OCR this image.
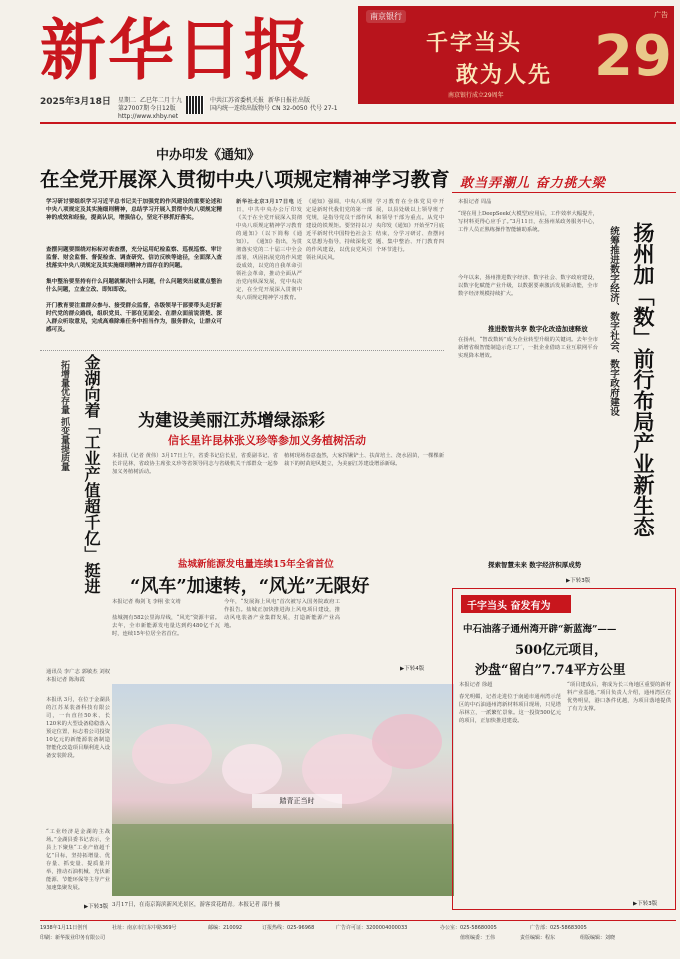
新华日报
2025年3月18日 星期二 乙巳年二月十九
第27007期 今日12版
http://www.xhby.net
中共江苏省委机关报 新华日报社出版
国内统一连续出版物号 CN 32-0050 代号 27-1
南京银行	广告
千字当头
敢为人先
南京银行成立29周年
29
中办印发《通知》
在全党开展深入贯彻中央八项规定精神学习教育
学习研讨要组织学习习近平总书记关于加强党的作风建设的重要论述和中央八项规定及其实施细则精神，总结学习开展入贯彻中央八项规定精神的成效和经验，提高认识，增强信心，坚定不移抓好落实。
查摆问题要围绕对标标对表查摆，充分运用纪检监察、巡视巡察、审计监督、财会监督、督促检查、调查研究、信访反映等途径，全面深入查找落实中央八项规定及其实施细则精神方面存在的问题。
集中整治要坚持有什么问题就解决什么问题，什么问题突出就重点整治什么问题，立查立改、即知即改。
开门教育要注重群众参与、接受群众监督，各级领导干部要带头走好新时代党的群众路线，组织党员、干部在见面会、在群众面前说清楚、深入群众听取意见，完成高难除难任务中担当作为，服务群众，让群众可感可及。
新华社北京3月17日电 近日，中共中央办公厅印发《关于在全党开展深入贯彻中央八项规定精神学习教育的通知》（以下简称《通知》）。 《通知》指出，为贯彻落实党的二十届三中全会部署，巩固拓展党的作风建设成效，以党的自我革命引领社会革命，推动全面从严治党向纵深发展，党中央决定，在全党开展深入贯彻中央八项规定精神学习教育。
《通知》强调，中央八项规定是新时代我们党的第一部党规，是指导党员干部作风建设的铁规矩。要坚持以习近平新时代中国特色社会主义思想为指导，持续深化党的作风建设，以优良党风引领社风民风。
学习教育在全体党员中开展，以县处级以上领导班子和领导干部为重点。从党中央印发《通知》开始至7月底结束，分学习研讨、查摆问题、集中整治、开门教育四个环节进行。
金湖向着「工业产值超千亿」挺进
拓增量优存量 抓变量提质量
通讯员 李广志 郭敏杰 刘权 本报记者 陈海霞
本报讯 3月，在位于金湖县的江苏某装备科技有限公司，一台直径50米、长120米的大型设备稳稳落入预定位置，标志着公司投资10亿元的新能源装备制造智能化改造项目顺利进入设备安装阶段。
“工业经济是金湖的主战场。”金湖县委书记表示，全县上下聚焦“工业产值超千亿”目标，坚持拓增量、优存量、抓变量、提质量并举，推动石油机械、光伏新能源、节能环保等主导产业加速集聚发展。
▶下转3版
为建设美丽江苏增绿添彩
信长星许昆林张义珍等参加义务植树活动
本报讯（记者 黄伟）3月17日上午，省委书记信长星，省委副书记、省长许昆林，省政协主席张义珍等省领导同志与省级机关干部群众一起参加义务植树活动。
植树现场春意盎然，大家挥锹铲土、扶苗培土、浇水固苗，一棵棵新栽下的树苗迎风挺立，为美丽江苏建设增添新绿。
盐城新能源发电量连续15年全省首位
“风车”加速转，“风光”无限好
本报记者 梅剑飞 李栩 张文靖
盐城拥有582公里海岸线，“风光”资源丰富。去年，全市新能源发电量达到约480亿千瓦时，连续15年位居全省首位。
今年，“发展海上风电”首次被写入国务院政府工作报告。盐城正加快推进海上风电项目建设，推动风电装备产业集群发展，打造新能源产业高地。
▶下转4版
踏青正当时
3月17日，在南京海滨新风光景区，游客赏花踏青。本报记者 邵丹 摄
敢当弄潮儿 奋力挑大梁
扬州加「数」前行布局产业新生态
统筹推进数字经济、数字社会、数字政府建设
本报记者 周晶
“现在用上DeepSeek(大模型)应用后，工作效率大幅提升，写材料更得心应手了。”3月11日，在扬州某政务服务中心，工作人员正熟练操作智能辅助系统。
今年以来，扬州推进数字经济、数字社会、数字政府建设，以数字化赋能产业升级，以数据要素激活发展新动能，全市数字经济规模持续扩大。
推进数智共享 数字化改造加速释放
在扬州，“智改数转”成为企业转型升级的关键词。去年全市新增省级智能制造示范工厂，一批企业借助工业互联网平台实现降本增效。
探索智慧未来 数字经济积厚成势
▶下转3版
千字当头 奋发有为
中石油落子通州湾开辟“新蓝海”——
500亿元项目，
沙盘“留白”7.74平方公里
本报记者 徐超
春光明媚，记者走进位于南通市通州湾示范区的中石油通州湾新材料项目现场，只见塔吊林立，一派繁忙景象。这一投资500亿元的项目，正加快推进建设。
“项目建成后，将成为长三角地区重要的新材料产业基地。”项目负责人介绍，通州湾区位优势明显，港口条件优越，为项目落地提供了有力支撑。
▶下转3版
1938年1月11日创刊	社址：南京市江东中路369号	邮编：210092	订报热线：025-96968	广告许可证：3200004000033	办公室：025-58680005	广告部：025-58683005
印刷：新华报业印务有限公司	值班编委：王伟	责任编辑：程东	组版编辑：刘晓
